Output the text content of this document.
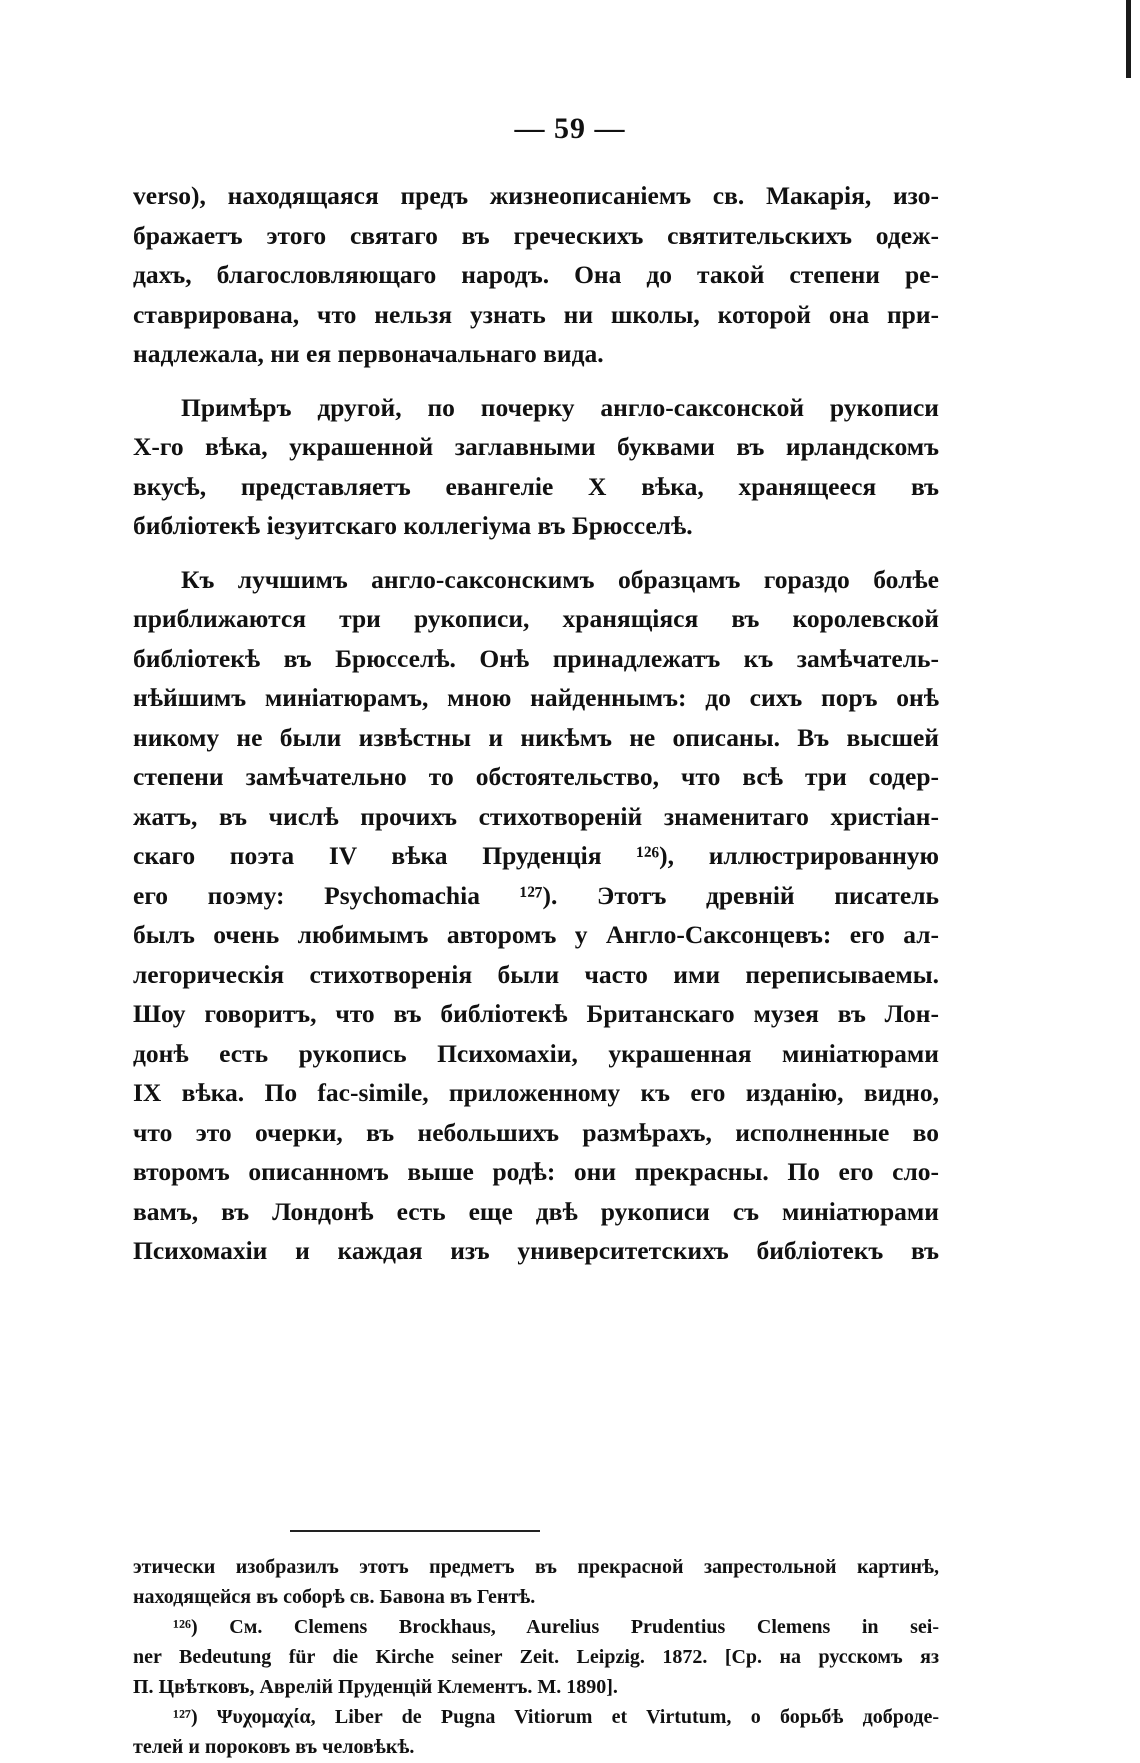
— 59 —

verso), находящаяся предъ жизнеописаніемъ св. Макарія, изо-
бражаетъ этого святаго въ греческихъ святительскихъ одеж-
дахъ, благословляющаго народъ. Она до такой степени ре-
ставрирована, что нельзя узнать ни школы, которой она при-
надлежала, ни ея первоначальнаго вида.

Примѣръ другой, по почерку англо-саксонской рукописи
Х-го вѣка, украшенной заглавными буквами въ ирландскомъ
вкусѣ, представляетъ евангеліе Х вѣка, хранящееся въ
библіотекѣ іезуитскаго коллегіума въ Брюсселѣ.

Къ лучшимъ англо-саксонскимъ образцамъ гораздо болѣе
приближаются три рукописи, хранящіяся въ королевской
библіотекѣ въ Брюсселѣ. Онѣ принадлежатъ къ замѣчатель-
нѣйшимъ миніатюрамъ, мною найденнымъ: до сихъ поръ онѣ
никому не были извѣстны и никѣмъ не описаны. Въ высшей
степени замѣчательно то обстоятельство, что всѣ три содер-
жатъ, въ числѣ прочихъ стихотвореній знаменитаго христіан-
скаго поэта IV вѣка Пруденція ¹²⁶), иллюстрированную
его поэму: Psychomachia ¹²⁷). Этотъ древній писатель
былъ очень любимымъ авторомъ у Англо-Саксонцевъ: его ал-
легорическія стихотворенія были часто ими переписываемы.
Шоу говоритъ, что въ библіотекѣ Британскаго музея въ Лон-
донѣ есть рукопись Психомахіи, украшенная миніатюрами
IX вѣка. По fac-simile, приложенному къ его изданію, видно,
что это очерки, въ небольшихъ размѣрахъ, исполненные во
второмъ описанномъ выше родѣ: они прекрасны. По его сло-
вамъ, въ Лондонѣ есть еще двѣ рукописи съ миніатюрами
Психомахіи и каждая изъ университетскихъ библіотекъ въ

этически изобразилъ этотъ предметъ въ прекрасной запрестольной картинѣ,
находящейся въ соборѣ св. Бавона въ Гентѣ.

¹²⁶) См. Clemens Brockhaus, Aurelius Prudentius Clemens in sei-
ner Bedeutung für die Kirche seiner Zeit. Leipzig. 1872. [Ср. на русскомъ яз
П. Цвѣтковъ, Аврелій Пруденцій Клементъ. М. 1890].

¹²⁷) Ψυχομαχία, Liber de Pugna Vitiorum et Virtutum, о борьбѣ доброде-
телей и пороковъ въ человѣкѣ.
